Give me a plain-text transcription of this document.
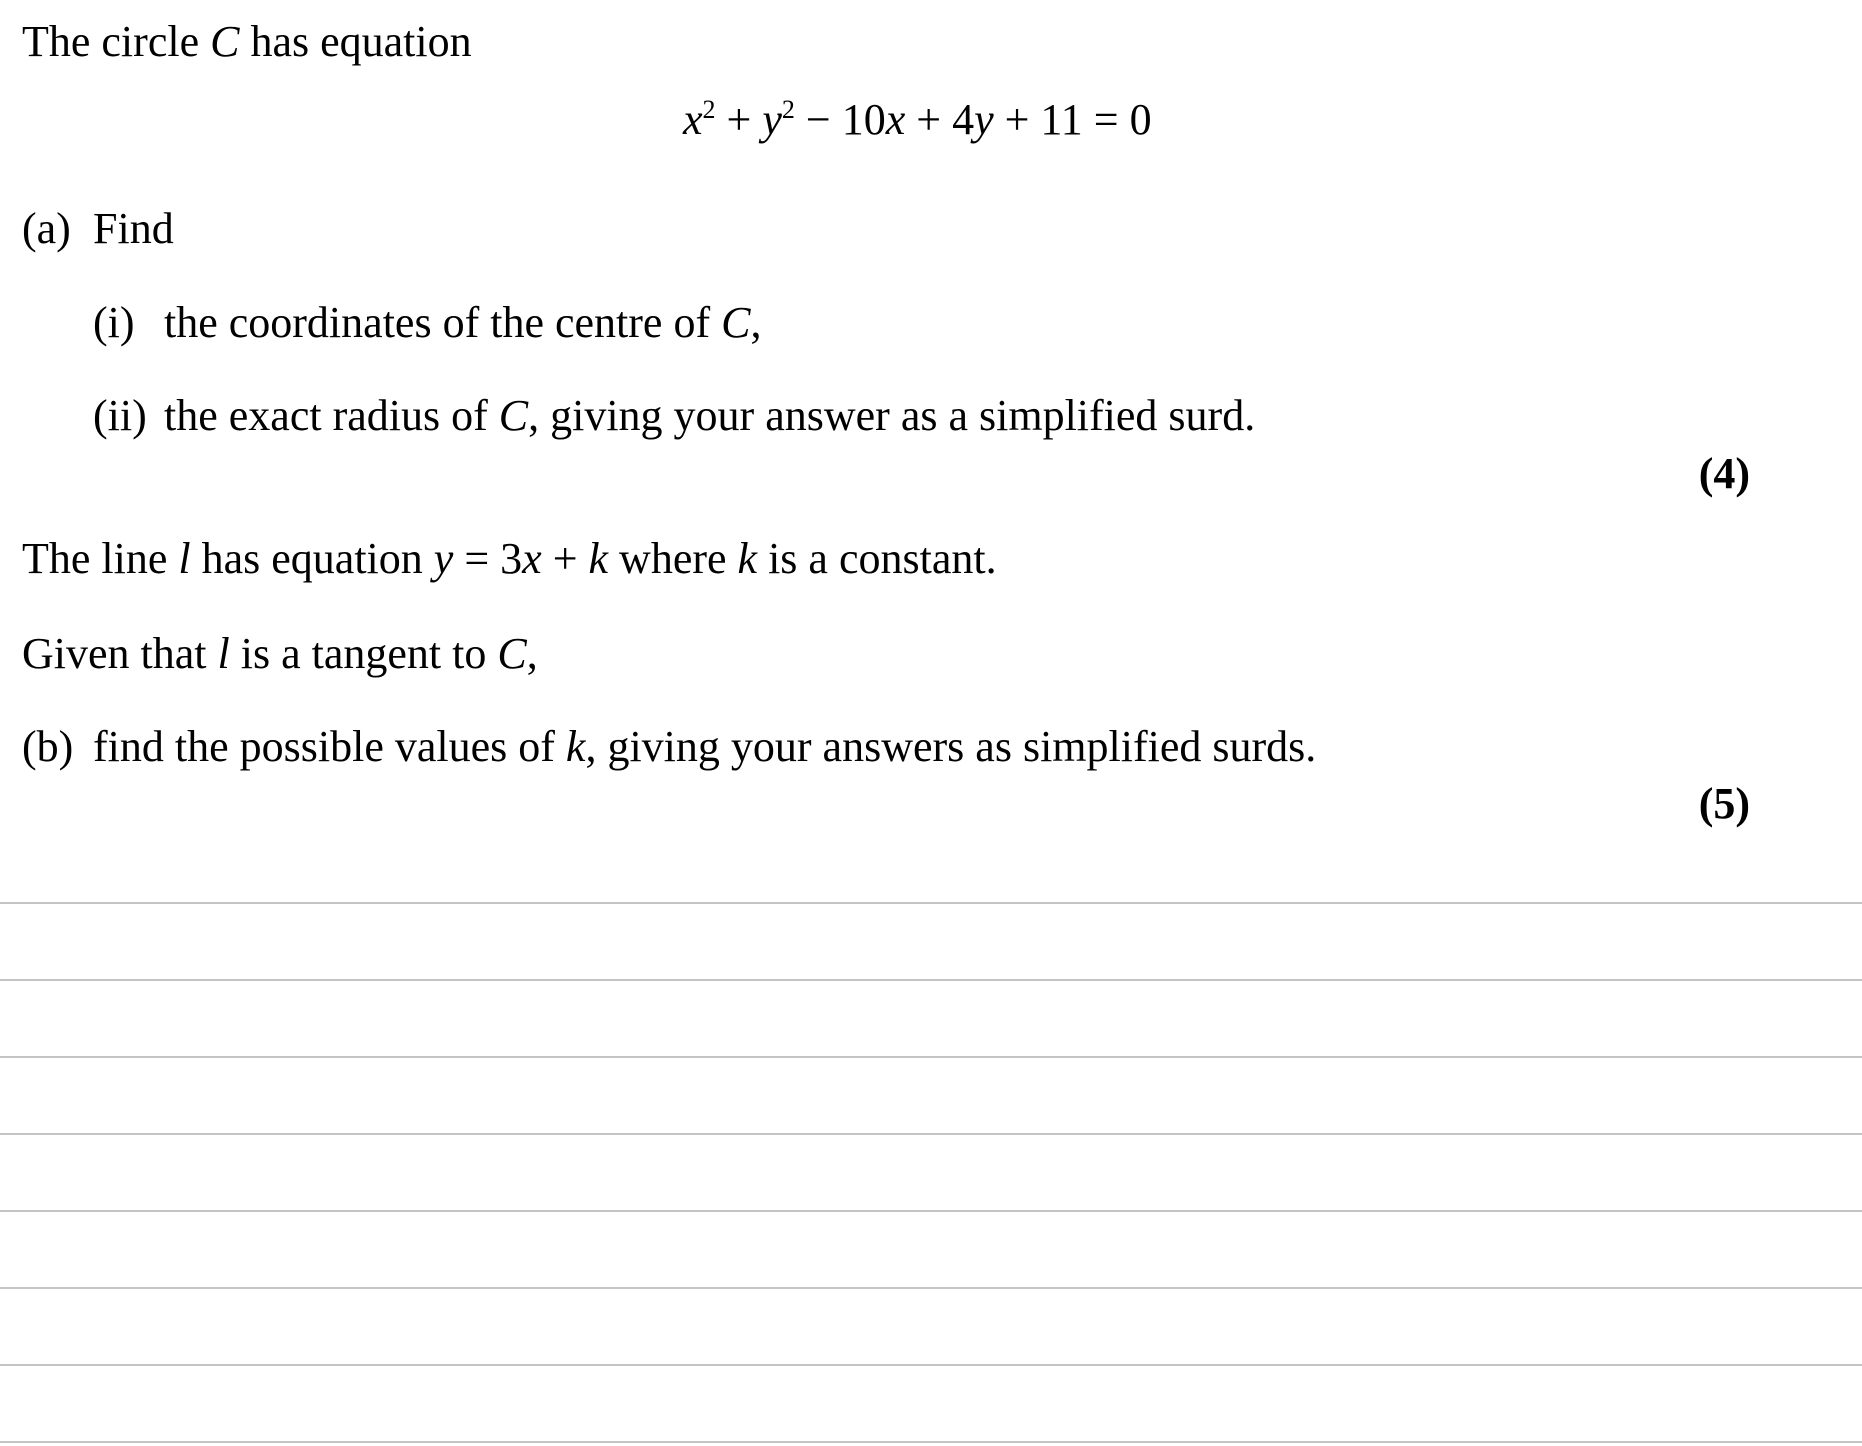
The circle C has equation
$x^2 + y^2 - 10x + 4y + 11 = 0$
(a) Find
(i) the coordinates of the centre of C,
(ii) the exact radius of C, giving your answer as a simplified surd.
(4)
The line l has equation y = 3x + k where k is a constant.
Given that l is a tangent to C,
(b) find the possible values of k, giving your answers as simplified surds.
(5)
